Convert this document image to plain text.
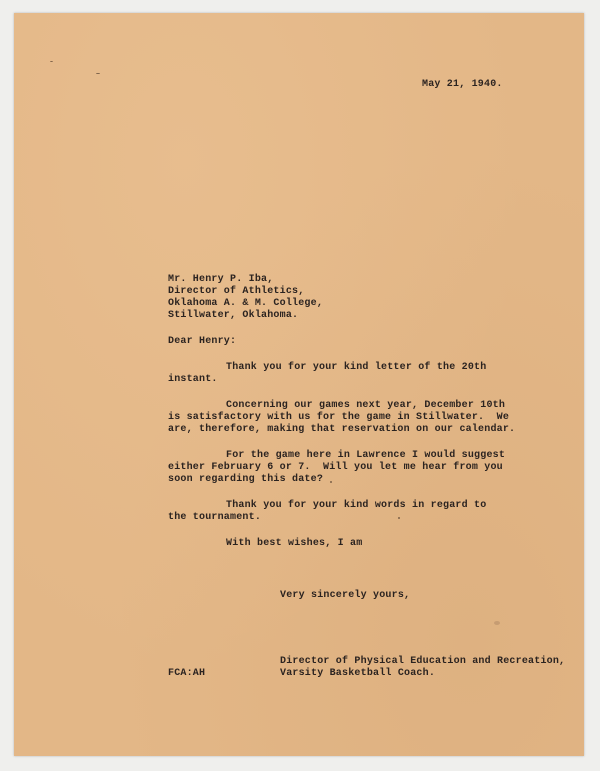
May 21, 1940.
Mr. Henry P. Iba,
Director of Athletics,
Oklahoma A. & M. College,
Stillwater, Oklahoma.
Dear Henry:
Thank you for your kind letter of the 20th
instant.
Concerning our games next year, December 10th
is satisfactory with us for the game in Stillwater.  We
are, therefore, making that reservation on our calendar.
For the game here in Lawrence I would suggest
either February 6 or 7.  Will you let me hear from you
soon regarding this date?
Thank you for your kind words in regard to
the tournament.
With best wishes, I am
Very sincerely yours,
FCA:AH
Director of Physical Education and Recreation,
Varsity Basketball Coach.
